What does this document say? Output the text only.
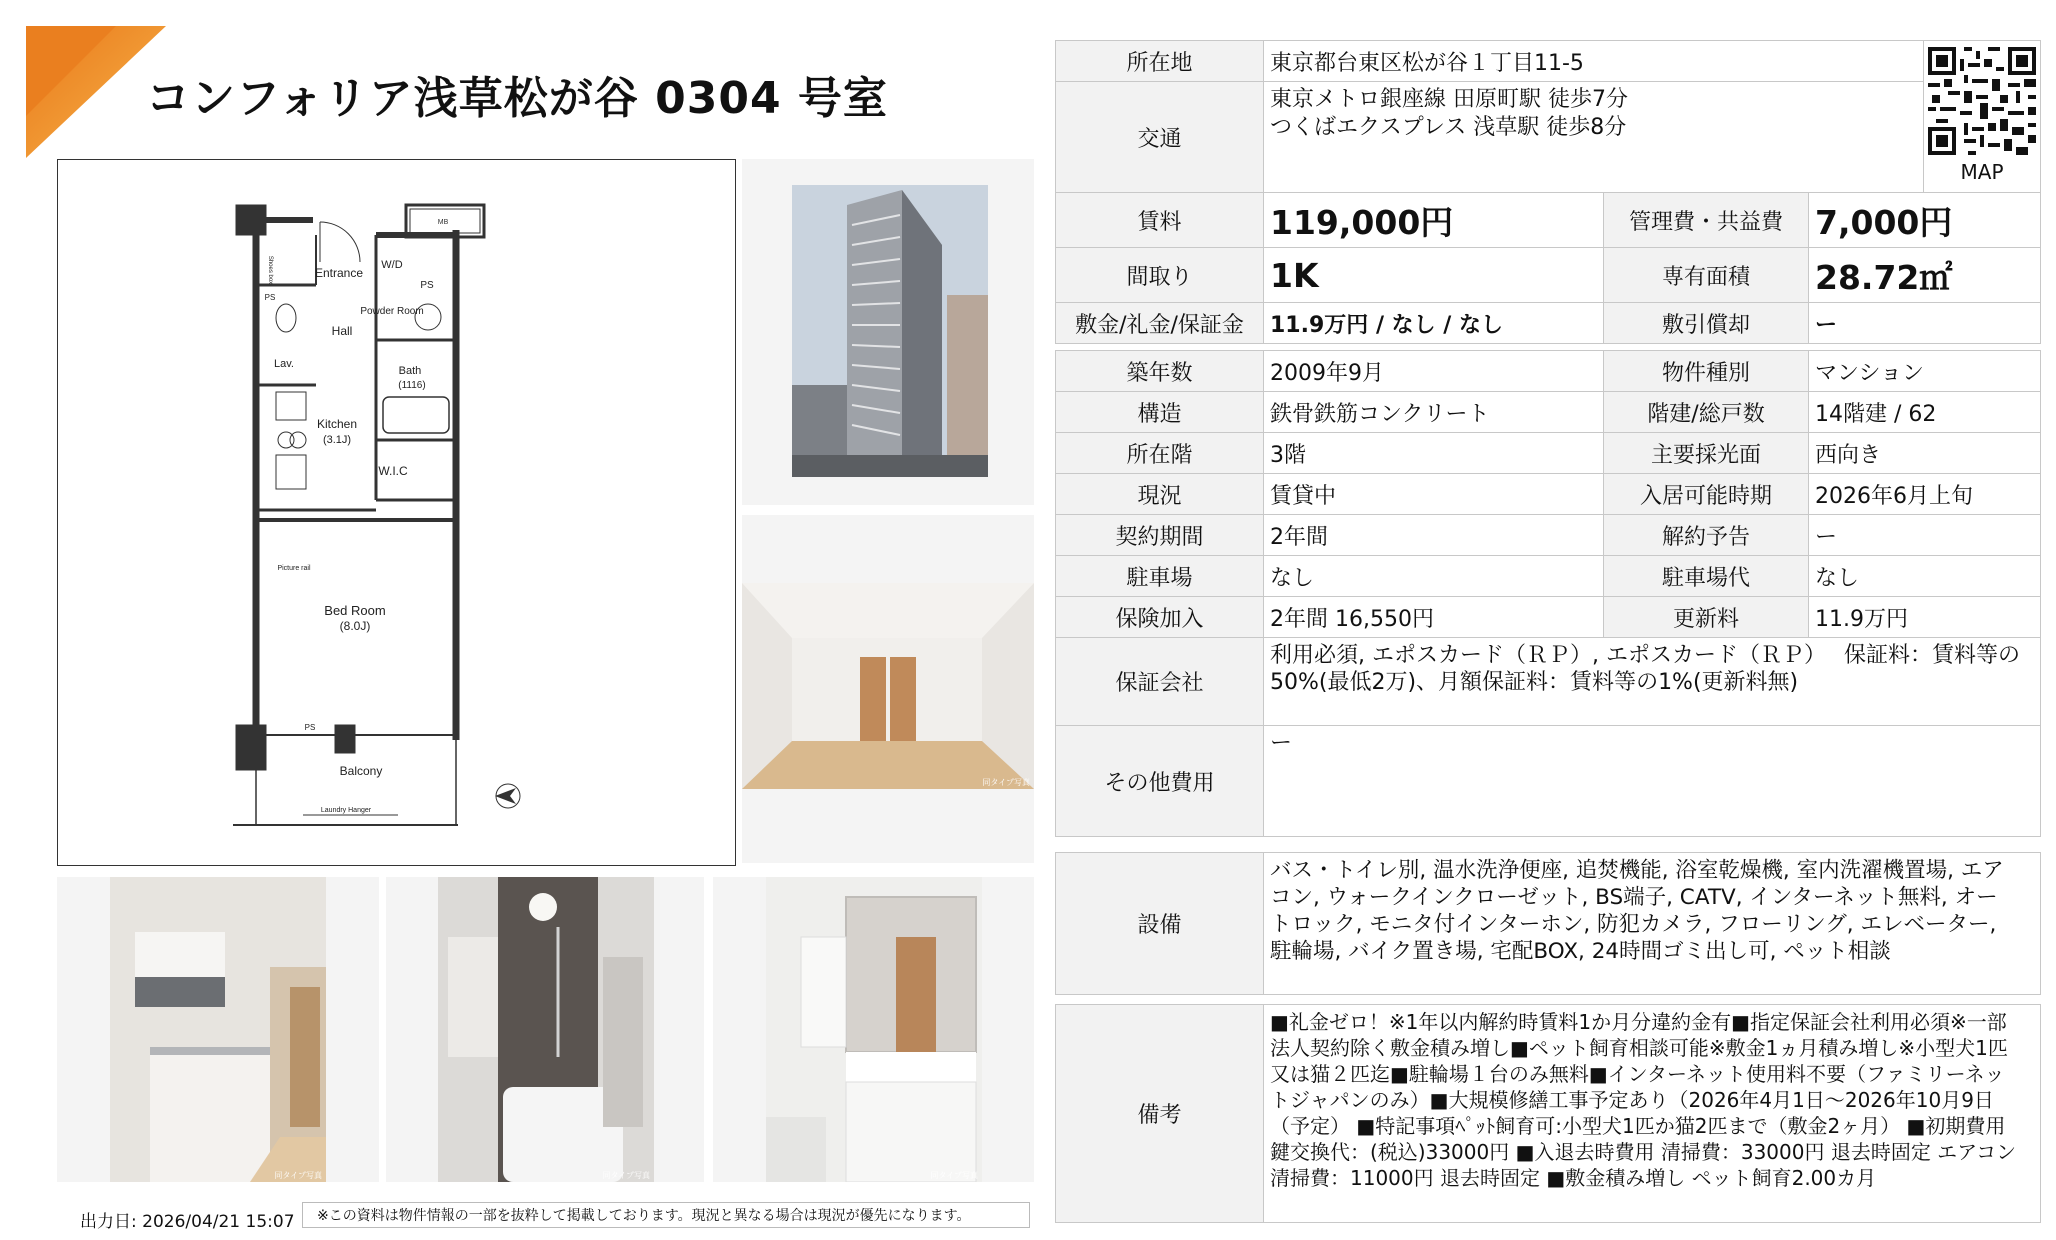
コンフォリア浅草松が谷 0304 号室
MB
Entrance
Shoes box	W/D
PS
PS
Hall
Powder Room
Lav.
Bath
(1116)
Kitchen
(3.1J)
W.I.C
Picture rail
Bed Room
(8.0J)
PS
Balcony
Laundry Hanger
同タイプ写真
同タイプ写真	同タイプ写真	同タイプ写真
所在地	東京都台東区松が谷１丁目11-5	MAP

交通	東京メトロ銀座線 田原町駅 徒歩7分
つくばエクスプレス 浅草駅 徒歩8分	
賃料	119,000円	管理費・共益費	7,000円
間取り	1K	専有面積	28.72㎡
敷金/礼金/保証金	11.9万円 / なし / なし	敷引償却	ー
築年数	2009年9月	物件種別	マンション
構造	鉄骨鉄筋コンクリート	階建/総戸数	14階建 / 62
所在階	3階	主要採光面	西向き
現況	賃貸中	入居可能時期	2026年6月上旬
契約期間	2年間	解約予告	ー
駐車場	なし	駐車場代	なし
保険加入	2年間 16,550円	更新料	11.9万円
保証会社	利用必須, エポスカード（ＲＰ）, エポスカード（ＲＰ）　 保証料：賃料等の
50%(最低2万)、月額保証料：賃料等の1%(更新料無)		

その他費用	ー		
設備	
バス・トイレ別, 温水洗浄便座, 追焚機能, 浴室乾燥機, 室内洗濯機置場, エア
コン, ウォークインクローゼット, BS端子, CATV, インターネット無料, オー
トロック, モニタ付インターホン, 防犯カメラ, フローリング, エレベーター,
駐輪場, バイク置き場, 宅配BOX, 24時間ゴミ出し可, ペット相談
備考	
■礼金ゼロ！※1年以内解約時賃料1か月分違約金有■指定保証会社利用必須※一部
法人契約除く敷金積み増し■ペット飼育相談可能※敷金1ヵ月積み増し※小型犬1匹
又は猫２匹迄■駐輪場１台のみ無料■インターネット使用料不要（ファミリーネッ
トジャパンのみ）■大規模修繕工事予定あり（2026年4月1日〜2026年10月9日
（予定） ■特記事項ﾍﾟｯﾄ飼育可:小型犬1匹か猫2匹まで（敷金2ヶ月） ■初期費用
鍵交換代：(税込)33000円 ■入退去時費用 清掃費：33000円 退去時固定 エアコン
清掃費：11000円 退去時固定 ■敷金積み増し ペット飼育2.00カ月
出力日: 2026/04/21 15:07	※この資料は物件情報の一部を抜粋して掲載しております。現況と異なる場合は現況が優先になります。
